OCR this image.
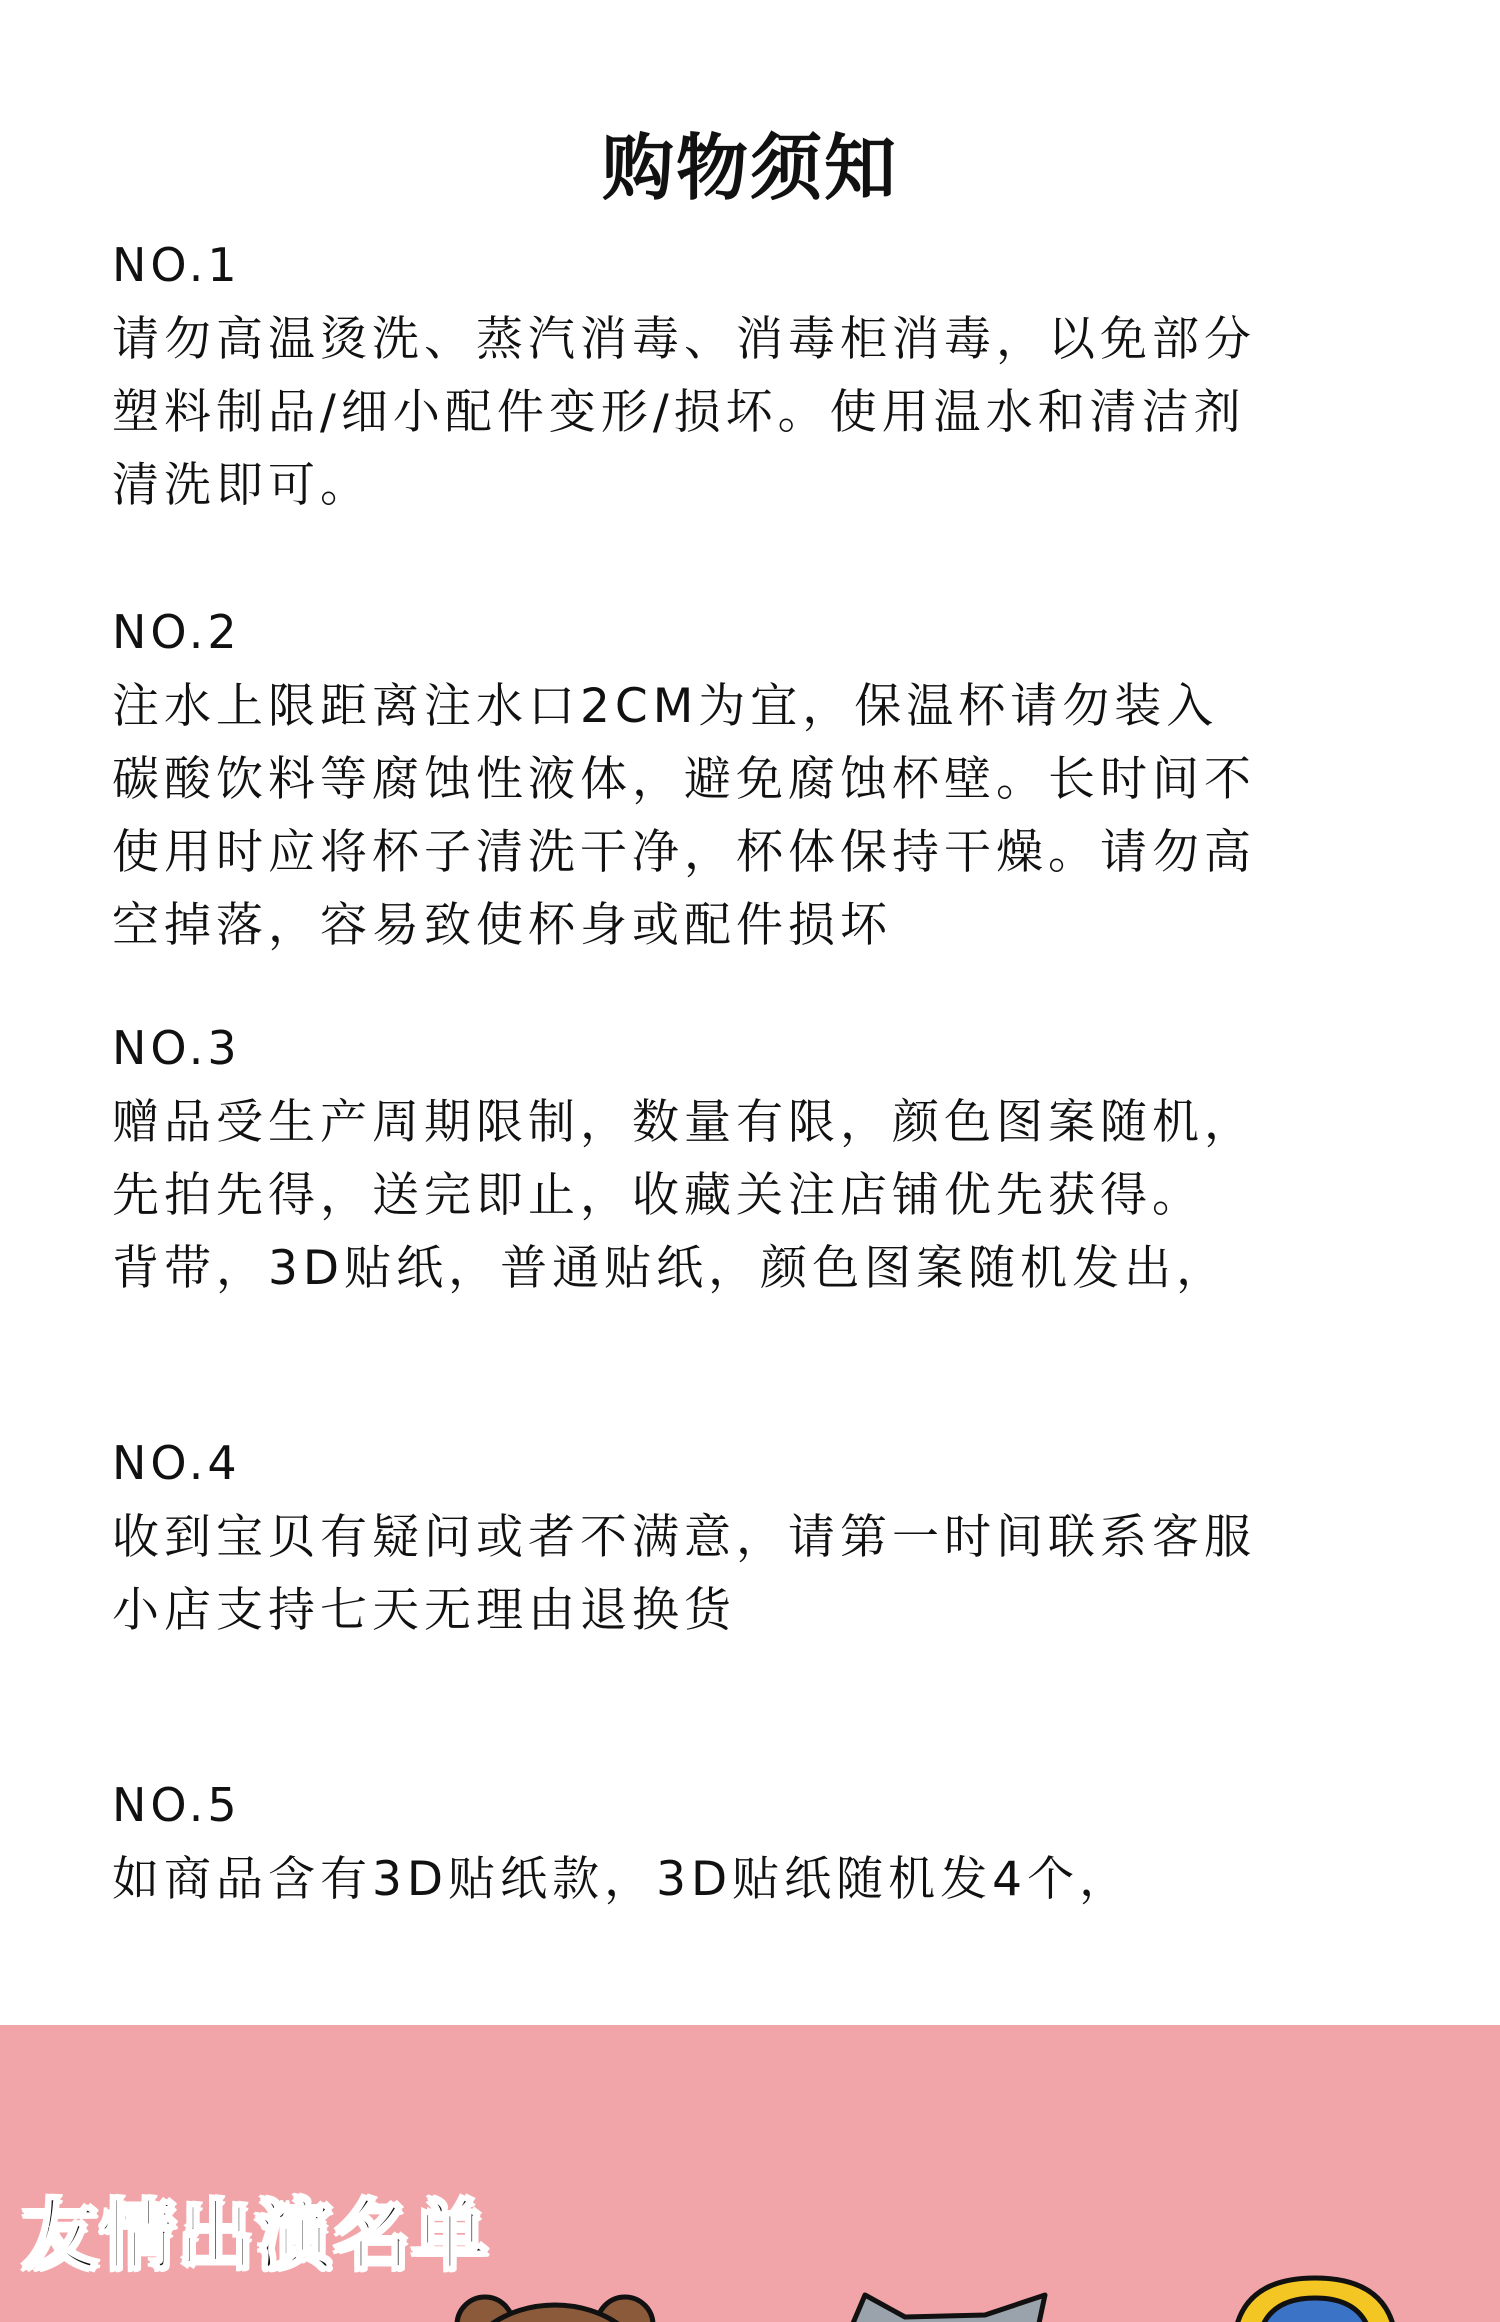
购物须知
NO.1
请勿高温烫洗、蒸汽消毒、消毒柜消毒，以免部分
塑料制品/细小配件变形/损坏。使用温水和清洁剂
清洗即可。
NO.2
注水上限距离注水口2CM为宜，保温杯请勿装入
碳酸饮料等腐蚀性液体，避免腐蚀杯壁。长时间不
使用时应将杯子清洗干净，杯体保持干燥。请勿高
空掉落，容易致使杯身或配件损坏
NO.3
赠品受生产周期限制，数量有限，颜色图案随机，
先拍先得，送完即止，收藏关注店铺优先获得。
背带，3D贴纸，普通贴纸，颜色图案随机发出，
NO.4
收到宝贝有疑问或者不满意，请第一时间联系客服
小店支持七天无理由退换货
NO.5
如商品含有3D贴纸款，3D贴纸随机发4个，
友情出演名单
